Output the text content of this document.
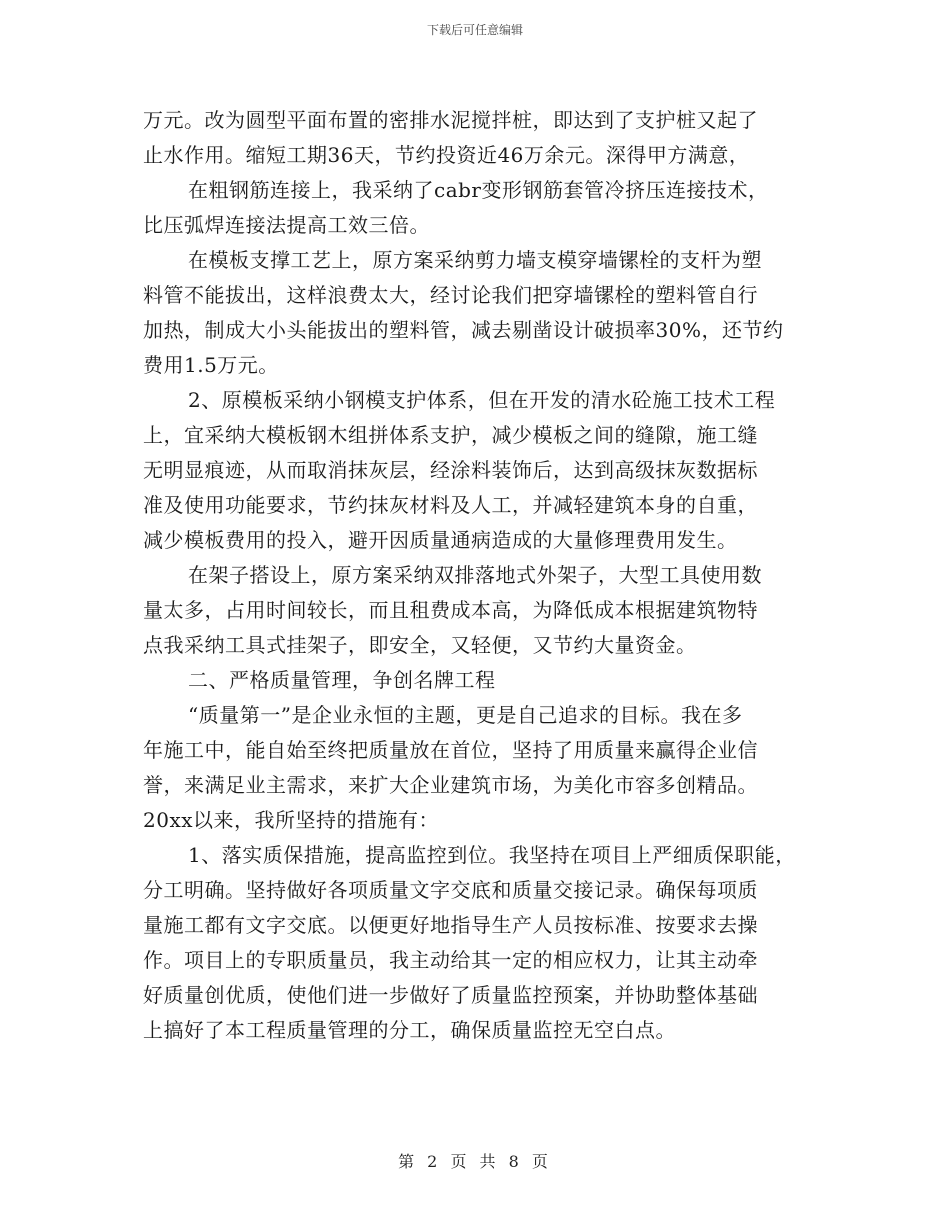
下载后可任意编辑
万元。改为圆型平面布置的密排水泥搅拌桩，即达到了支护桩又起了
止水作用。缩短工期36天，节约投资近46万余元。深得甲方满意，
在粗钢筋连接上，我采纳了cabr变形钢筋套管冷挤压连接技术，
比压弧焊连接法提高工效三倍。
在模板支撑工艺上，原方案采纳剪力墙支模穿墙镙栓的支杆为塑
料管不能拔出，这样浪费太大，经讨论我们把穿墙镙栓的塑料管自行
加热，制成大小头能拔出的塑料管，减去剔凿设计破损率30%，还节约
费用1.5万元。
2、原模板采纳小钢模支护体系，但在开发的清水砼施工技术工程
上，宜采纳大模板钢木组拼体系支护，减少模板之间的缝隙，施工缝
无明显痕迹，从而取消抹灰层，经涂料装饰后，达到高级抹灰数据标
准及使用功能要求，节约抹灰材料及人工，并减轻建筑本身的自重，
减少模板费用的投入，避开因质量通病造成的大量修理费用发生。
在架子搭设上，原方案采纳双排落地式外架子，大型工具使用数
量太多，占用时间较长，而且租费成本高，为降低成本根据建筑物特
点我采纳工具式挂架子，即安全，又轻便，又节约大量资金。
二、严格质量管理，争创名牌工程
“质量第一”是企业永恒的主题，更是自己追求的目标。我在多
年施工中，能自始至终把质量放在首位，坚持了用质量来赢得企业信
誉，来满足业主需求，来扩大企业建筑市场，为美化市容多创精品。
20xx以来，我所坚持的措施有：
1、落实质保措施，提高监控到位。我坚持在项目上严细质保职能，
分工明确。坚持做好各项质量文字交底和质量交接记录。确保每项质
量施工都有文字交底。以便更好地指导生产人员按标准、按要求去操
作。项目上的专职质量员，我主动给其一定的相应权力，让其主动牵
好质量创优质，使他们进一步做好了质量监控预案，并协助整体基础
上搞好了本工程质量管理的分工，确保质量监控无空白点。
第 2 页 共 8 页
